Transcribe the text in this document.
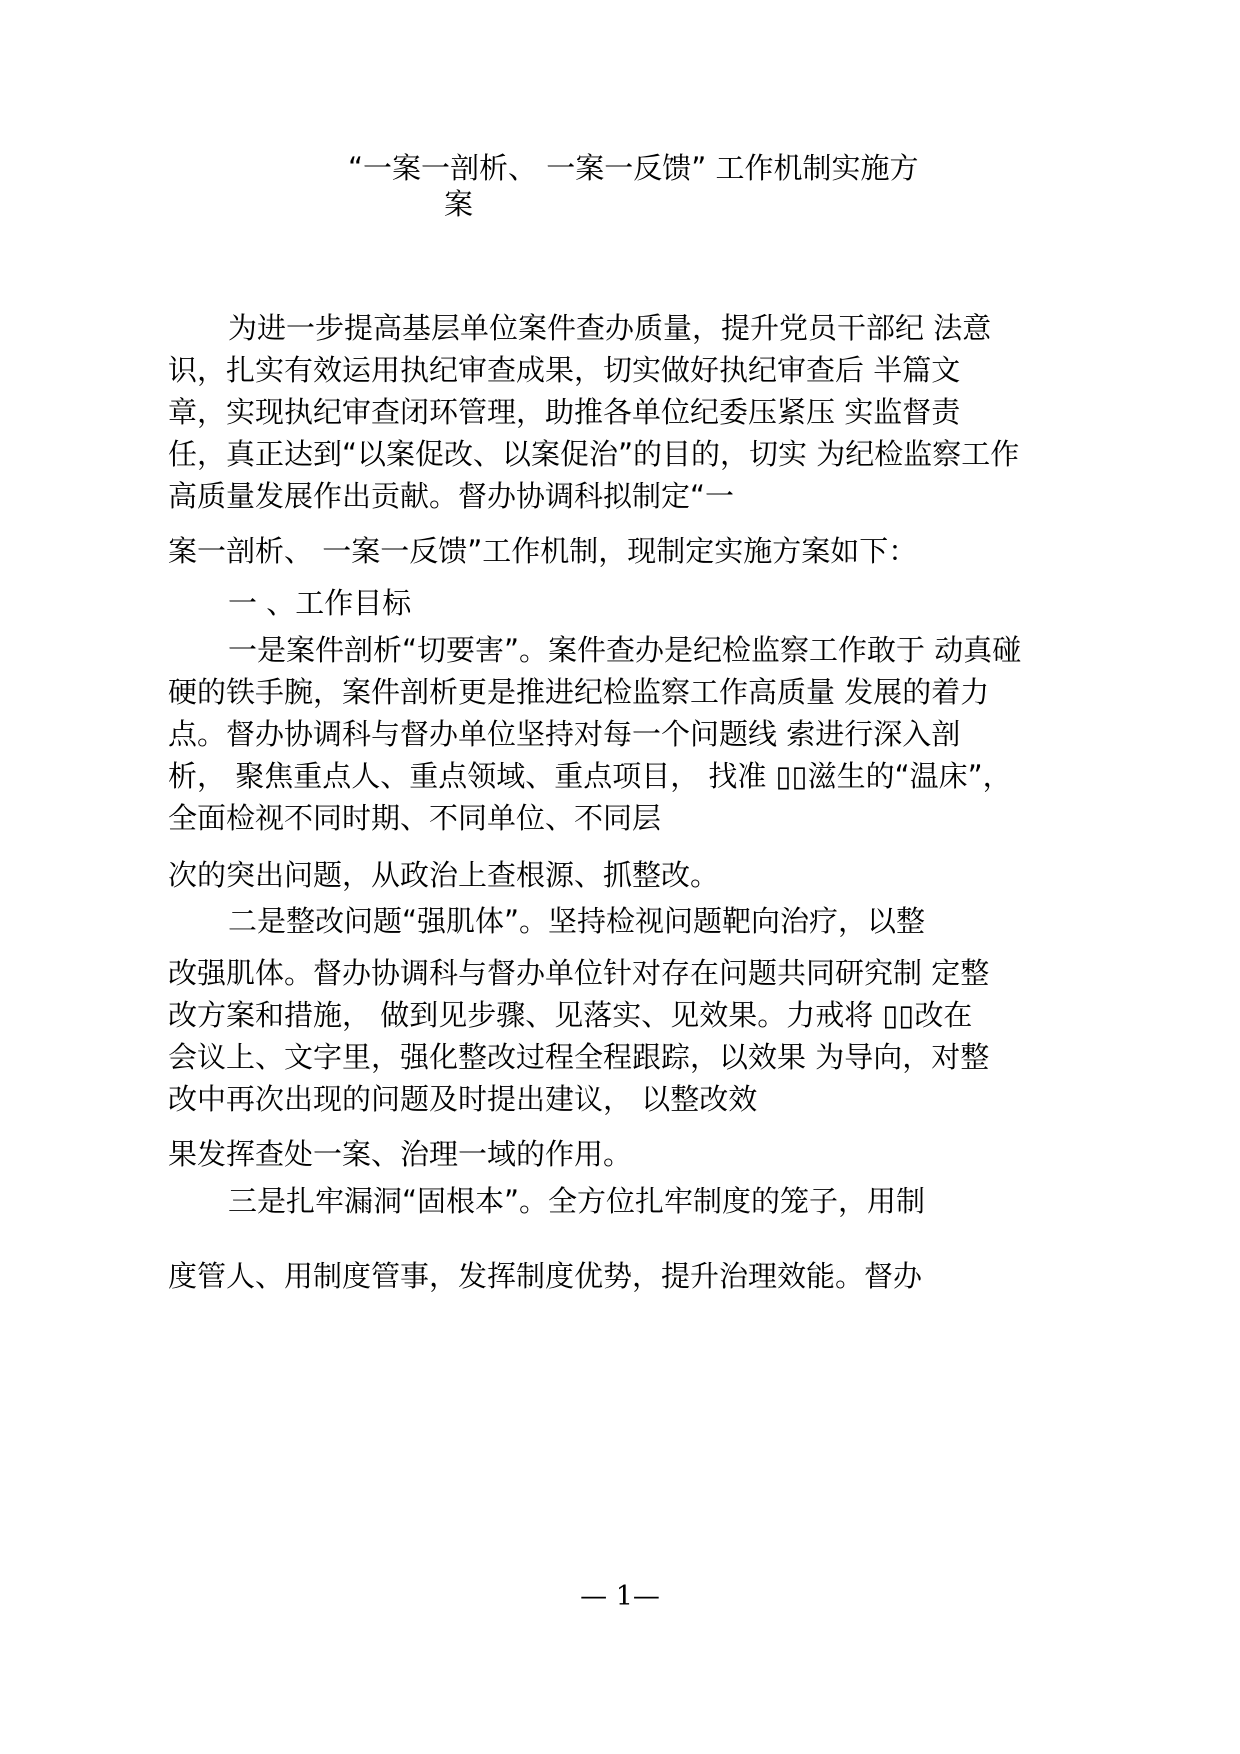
“一案一剖析、 一案一反馈” 工作机制实施方
案
为进一步提高基层单位案件查办质量，提升党员干部纪 法意
识，扎实有效运用执纪审查成果，切实做好执纪审查后 半篇文
章，实现执纪审查闭环管理，助推各单位纪委压紧压 实监督责
任，真正达到“以案促改、以案促治”的目的，切实 为纪检监察工作
高质量发展作出贡献。督办协调科拟制定“一
案一剖析、 一案一反馈”工作机制，现制定实施方案如下：
一 、工作目标
一是案件剖析“切要害”。案件查办是纪检监察工作敢于 动真碰
硬的铁手腕，案件剖析更是推进纪检监察工作高质量 发展的着力
点。督办协调科与督办单位坚持对每一个问题线 索进行深入剖
析， 聚焦重点人、重点领域、重点项目， 找准 ▯▯滋生的“温床”，
全面检视不同时期、不同单位、不同层
次的突出问题，从政治上查根源、抓整改。
二是整改问题“强肌体”。坚持检视问题靶向治疗，以整
改强肌体。督办协调科与督办单位针对存在问题共同研究制 定整
改方案和措施， 做到见步骤、见落实、见效果。力戒将 ▯▯改在
会议上、文字里，强化整改过程全程跟踪，以效果 为导向，对整
改中再次出现的问题及时提出建议， 以整改效
果发挥查处一案、治理一域的作用。
三是扎牢漏洞“固根本”。全方位扎牢制度的笼子，用制
度管人、用制度管事，发挥制度优势，提升治理效能。督办
— 1—
